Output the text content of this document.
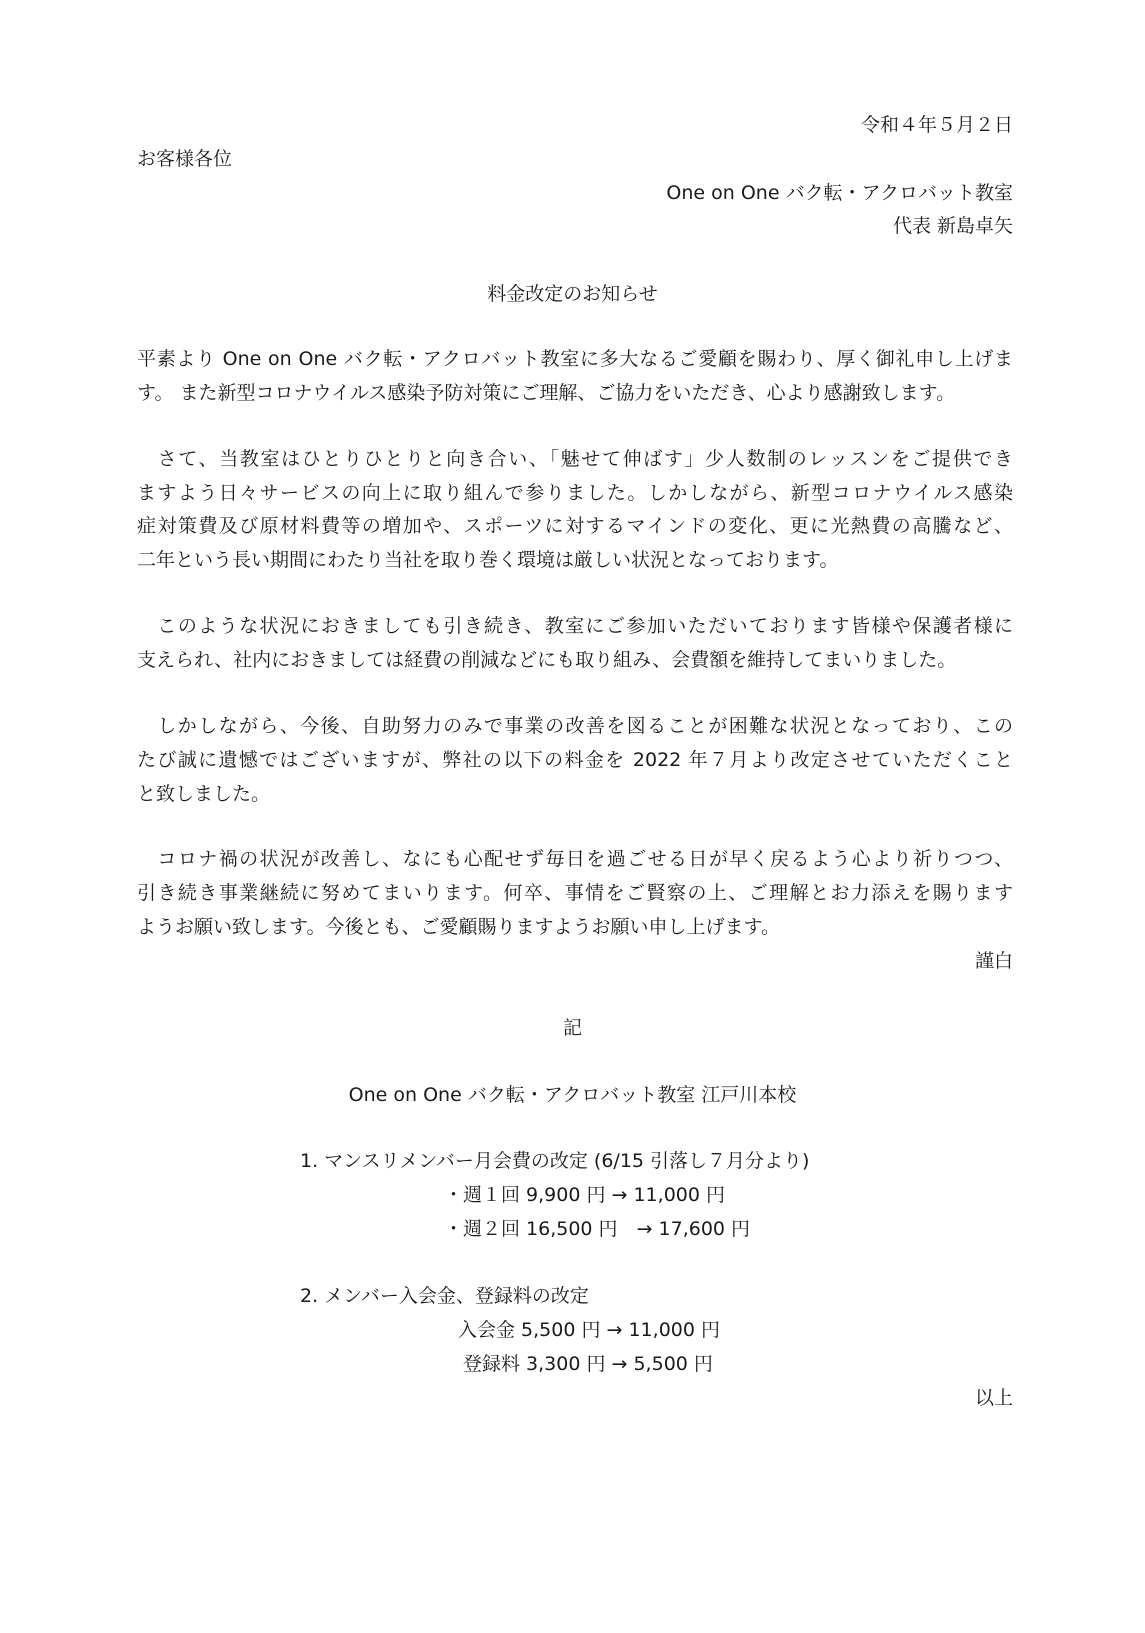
令和４年５月２日
お客様各位
One on One バク転・アクロバット教室
代表 新島卓矢
料金改定のお知らせ
平素より One on One バク転・アクロバット教室に多大なるご愛顧を賜わり、厚く御礼申し上げま
す。 また新型コロナウイルス感染予防対策にご理解、ご協力をいただき、心より感謝致します。
　さて、当教室はひとりひとりと向き合い、「魅せて伸ばす」少人数制のレッスンをご提供でき
ますよう日々サービスの向上に取り組んで参りました。しかしながら、新型コロナウイルス感染
症対策費及び原材料費等の増加や、スポーツに対するマインドの変化、更に光熱費の高騰など、
二年という長い期間にわたり当社を取り巻く環境は厳しい状況となっております。
　このような状況におきましても引き続き、教室にご参加いただいております皆様や保護者様に
支えられ、社内におきましては経費の削減などにも取り組み、会費額を維持してまいりました。
　しかしながら、今後、自助努力のみで事業の改善を図ることが困難な状況となっており、この
たび誠に遺憾ではございますが、弊社の以下の料金を 2022 年７月より改定させていただくこと
と致しました。
　コロナ禍の状況が改善し、なにも心配せず毎日を過ごせる日が早く戻るよう心より祈りつつ、
引き続き事業継続に努めてまいります。何卒、事情をご賢察の上、ご理解とお力添えを賜ります
ようお願い致します。今後とも、ご愛顧賜りますようお願い申し上げます。
謹白
記
One on One バク転・アクロバット教室 江戸川本校
1. マンスリメンバー月会費の改定 (6/15 引落し７月分より)
・週１回 9,900 円 → 11,000 円
・週２回 16,500 円　→ 17,600 円
2. メンバー入会金、登録料の改定
入会金 5,500 円 → 11,000 円
登録料 3,300 円 → 5,500 円
以上
